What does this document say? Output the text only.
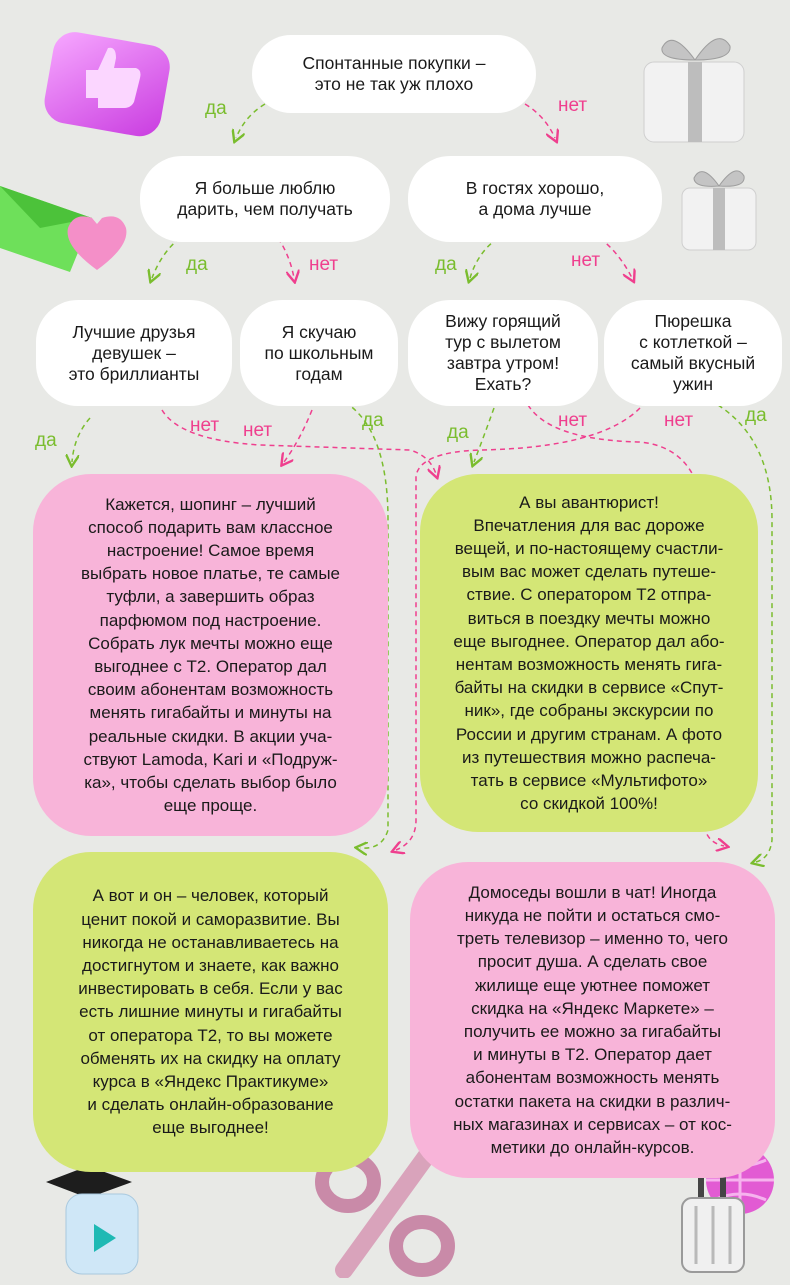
Спонтанные покупки –
это не так уж плохо
Я больше люблю
дарить, чем получать
В гостях хорошо,
а дома лучше
Лучшие друзья
девушек –
это бриллианты
Я скучаю
по школьным
годам
Вижу горящий
тур с вылетом
завтра утром!
Ехать?
Пюрешка
с котлеткой –
самый вкусный
ужин
да	нет
да	нет	да	нет
да
нет нет	да
да
нет	нет	да
Кажется, шопинг – лучший
способ подарить вам классное
настроение! Самое время
выбрать новое платье, те самые
туфли, а завершить образ
парфюмом под настроение.
Собрать лук мечты можно еще
выгоднее с Т2. Оператор дал
своим абонентам возможность
менять гигабайты и минуты на
реальные скидки. В акции уча-
ствуют Lamoda, Kari и «Подруж-
ка», чтобы сделать выбор было
еще проще.
А вы авантюрист!
Впечатления для вас дороже
вещей, и по-настоящему счастли-
вым вас может сделать путеше-
ствие. С оператором Т2 отпра-
виться в поездку мечты можно
еще выгоднее. Оператор дал або-
нентам возможность менять гига-
байты на скидки в сервисе «Спут-
ник», где собраны экскурсии по
России и другим странам. А фото
из путешествия можно распеча-
тать в сервисе «Мультифото»
со скидкой 100%!
А вот и он – человек, который
ценит покой и саморазвитие. Вы
никогда не останавливаетесь на
достигнутом и знаете, как важно
инвестировать в себя. Если у вас
есть лишние минуты и гигабайты
от оператора Т2, то вы можете
обменять их на скидку на оплату
курса в «Яндекс Практикуме»
и сделать онлайн-образование
еще выгоднее!
Домоседы вошли в чат! Иногда
никуда не пойти и остаться смо-
треть телевизор – именно то, чего
просит душа. А сделать свое
жилище еще уютнее поможет
скидка на «Яндекс Маркете» –
получить ее можно за гигабайты
и минуты в Т2. Оператор дает
абонентам возможность менять
остатки пакета на скидки в различ-
ных магазинах и сервисах – от кос-
метики до онлайн-курсов.
